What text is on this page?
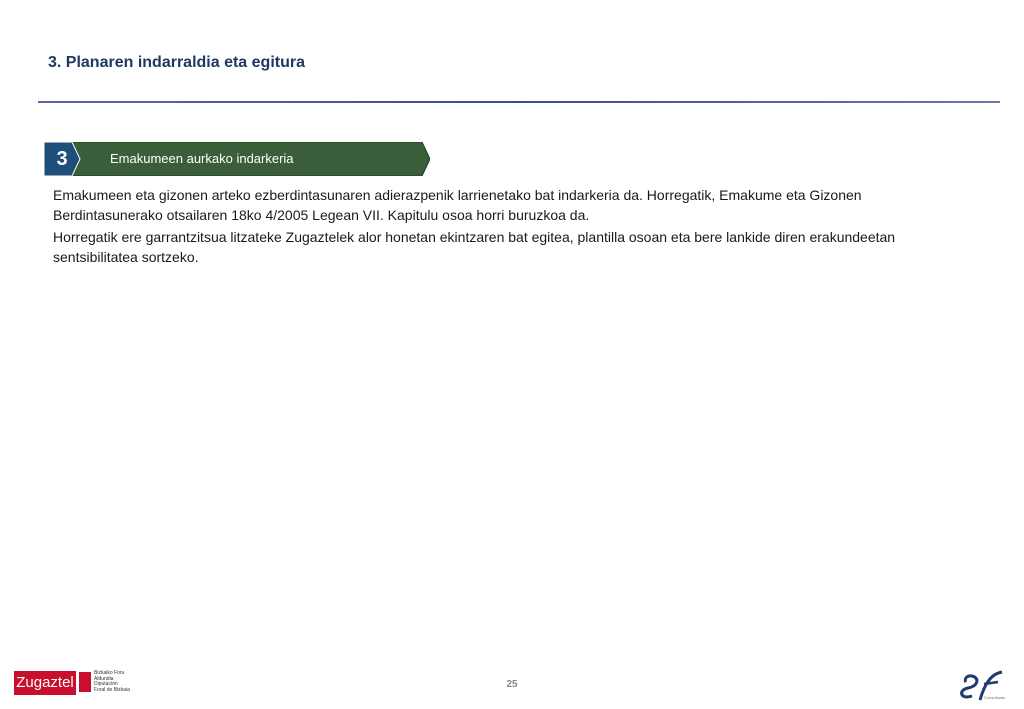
3. Planaren indarraldia eta egitura
3	Emakumeen aurkako indarkeria

Emakumeen eta gizonen arteko ezberdintasunaren adierazpenik larrienetako bat indarkeria da. Horregatik, Emakume eta Gizonen Berdintasunerako otsailaren 18ko 4/2005 Legean VII. Kapitulu osoa horri buruzkoa da.

Horregatik ere garrantzitsua litzateke Zugaztelek alor honetan ekintzaren bat egitea, plantilla osoan eta bere lankide diren erakundeetan sentsibilitatea sortzeko.

25
Zugaztel
Bizkaiko Foru
Aldundia
Diputación
Foral de Bizkaia
Consultants
